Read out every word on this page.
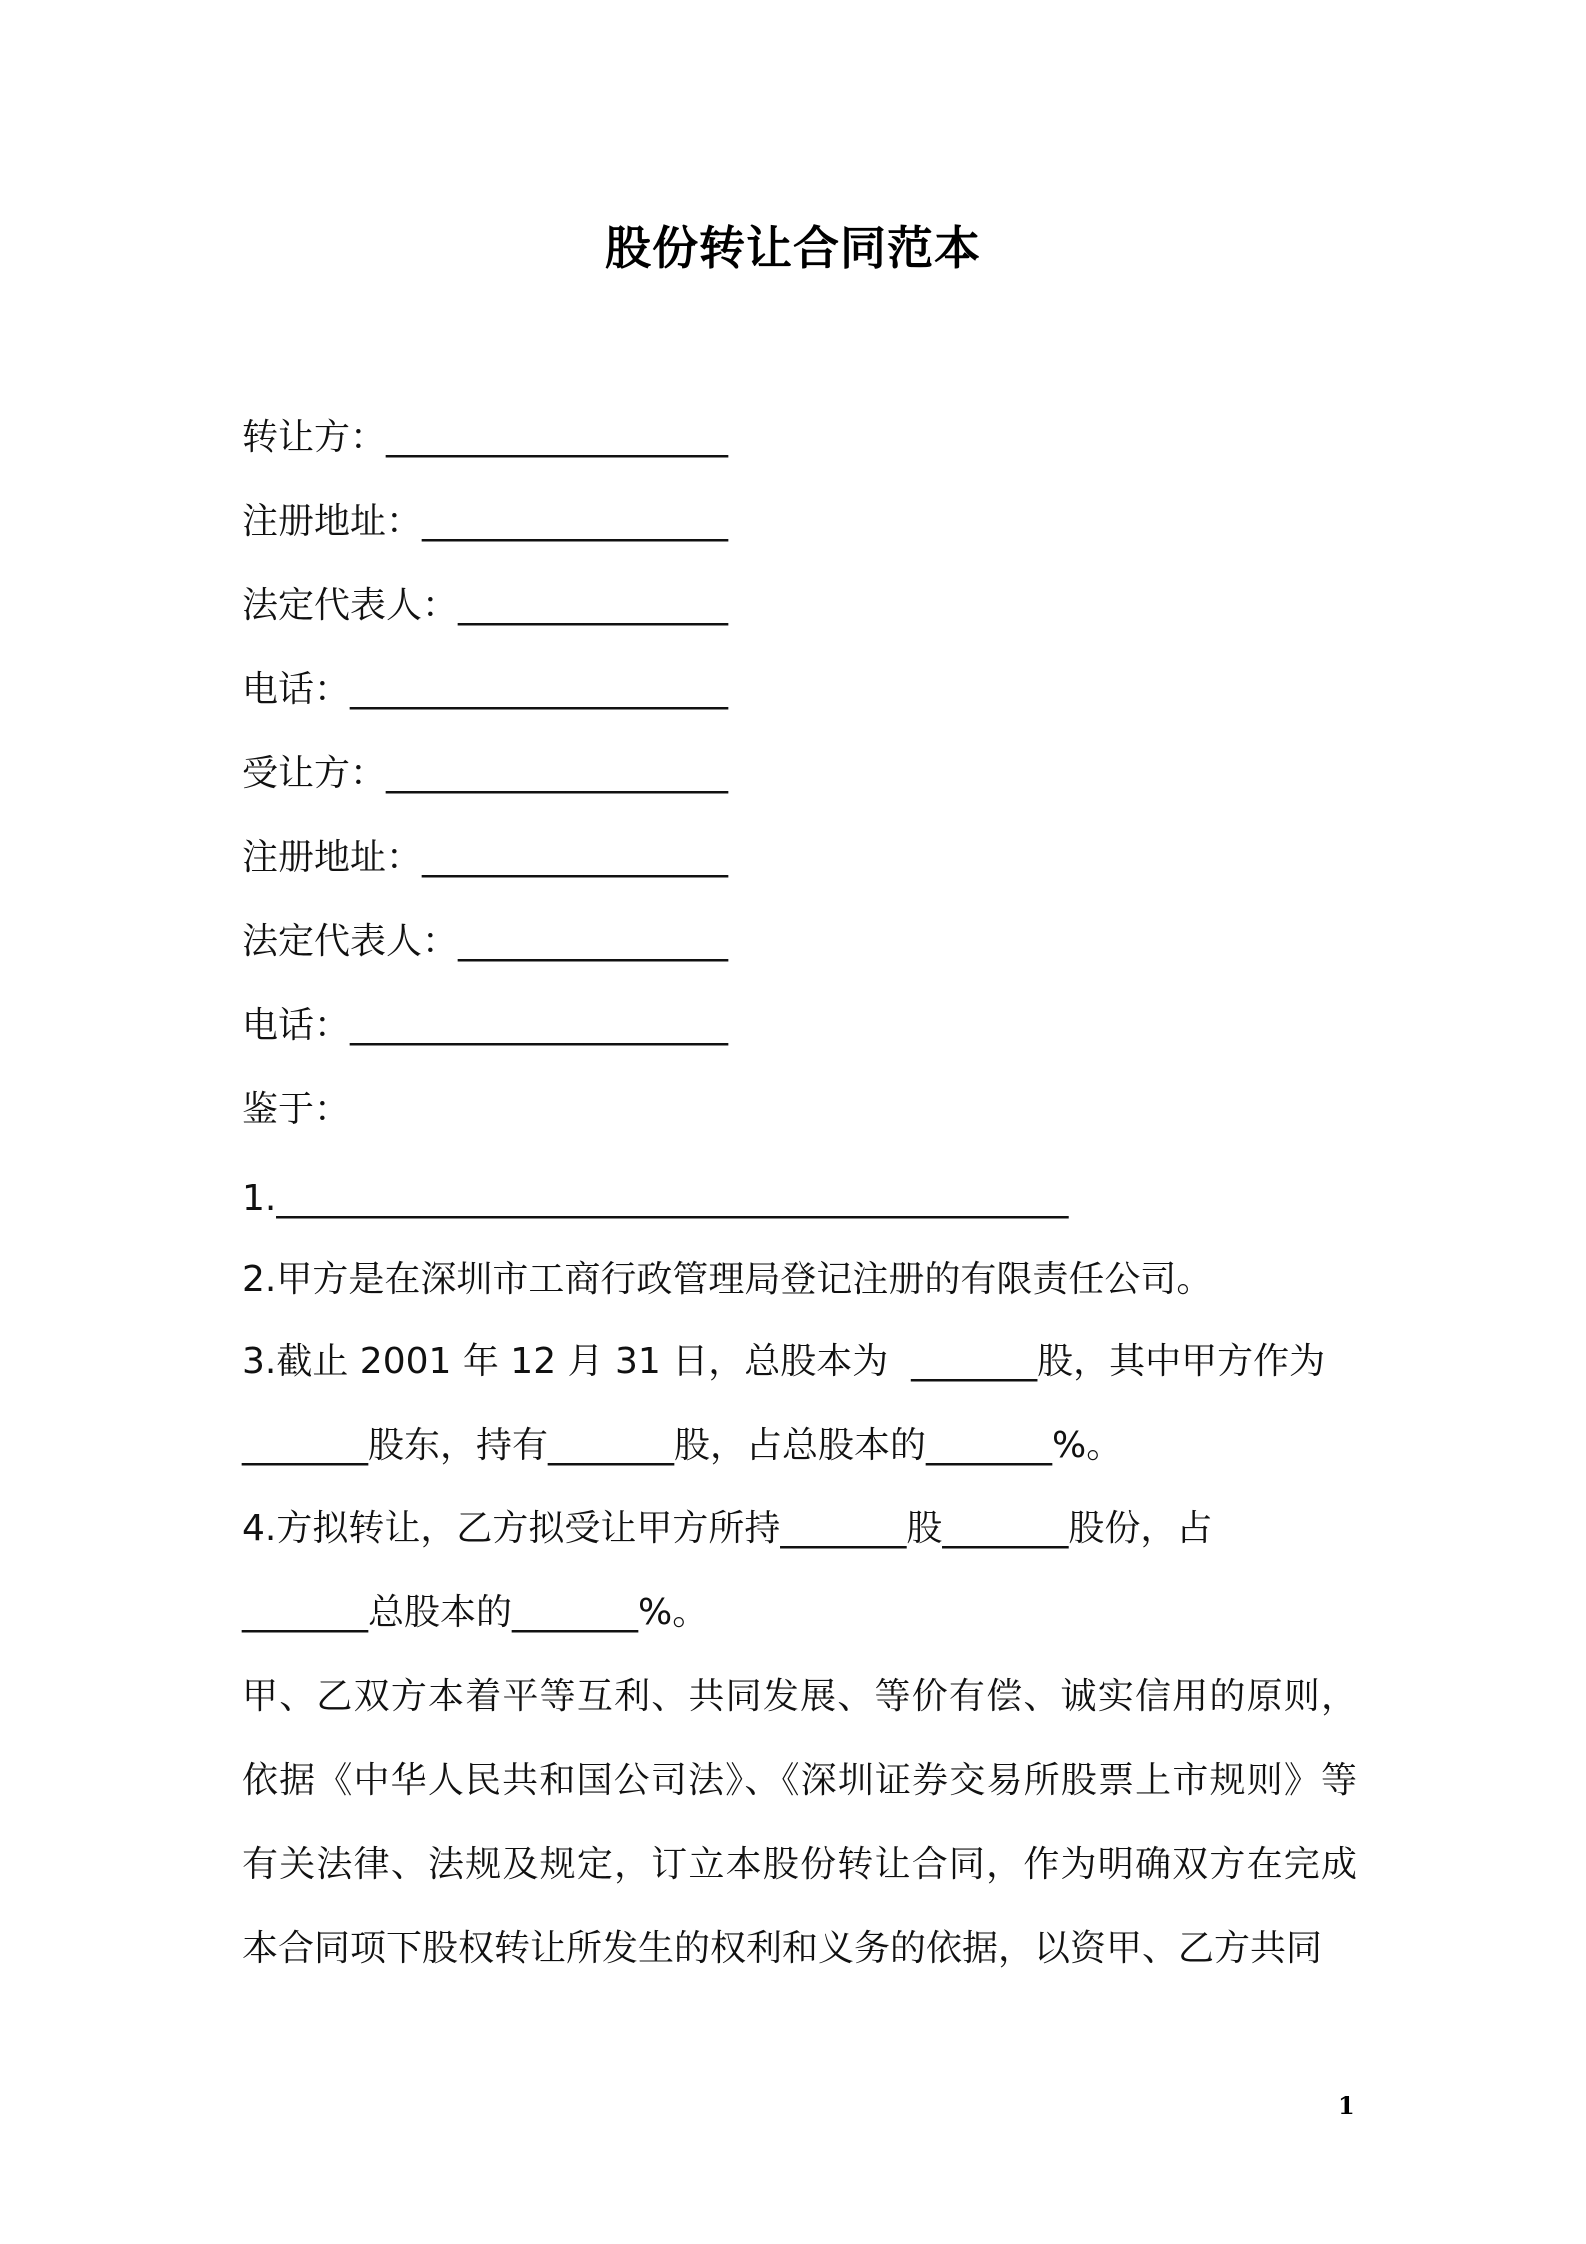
股份转让合同范本
转让方：___________________
注册地址：_________________
法定代表人：_______________
电话：_____________________
受让方：___________________
注册地址：_________________
法定代表人：_______________
电话：_____________________
鉴于：
1.____________________________________________
2.甲方是在深圳市工商行政管理局登记注册的有限责任公司。
3.截止 2001 年 12 月 31 日，总股本为  _______股，其中甲方作为
_______股东，持有_______股，占总股本的_______%。
4.方拟转让，乙方拟受让甲方所持_______股_______股份，占
_______总股本的_______%。
甲、乙双方本着平等互利、共同发展、等价有偿、诚实信用的原则，依据《中华人民共和国公司法》、《深圳证券交易所股票上市规则》等有关法律、法规及规定，订立本股份转让合同，作为明确双方在完成本合同项下股权转让所发生的权利和义务的依据，以资甲、乙方共同
1
